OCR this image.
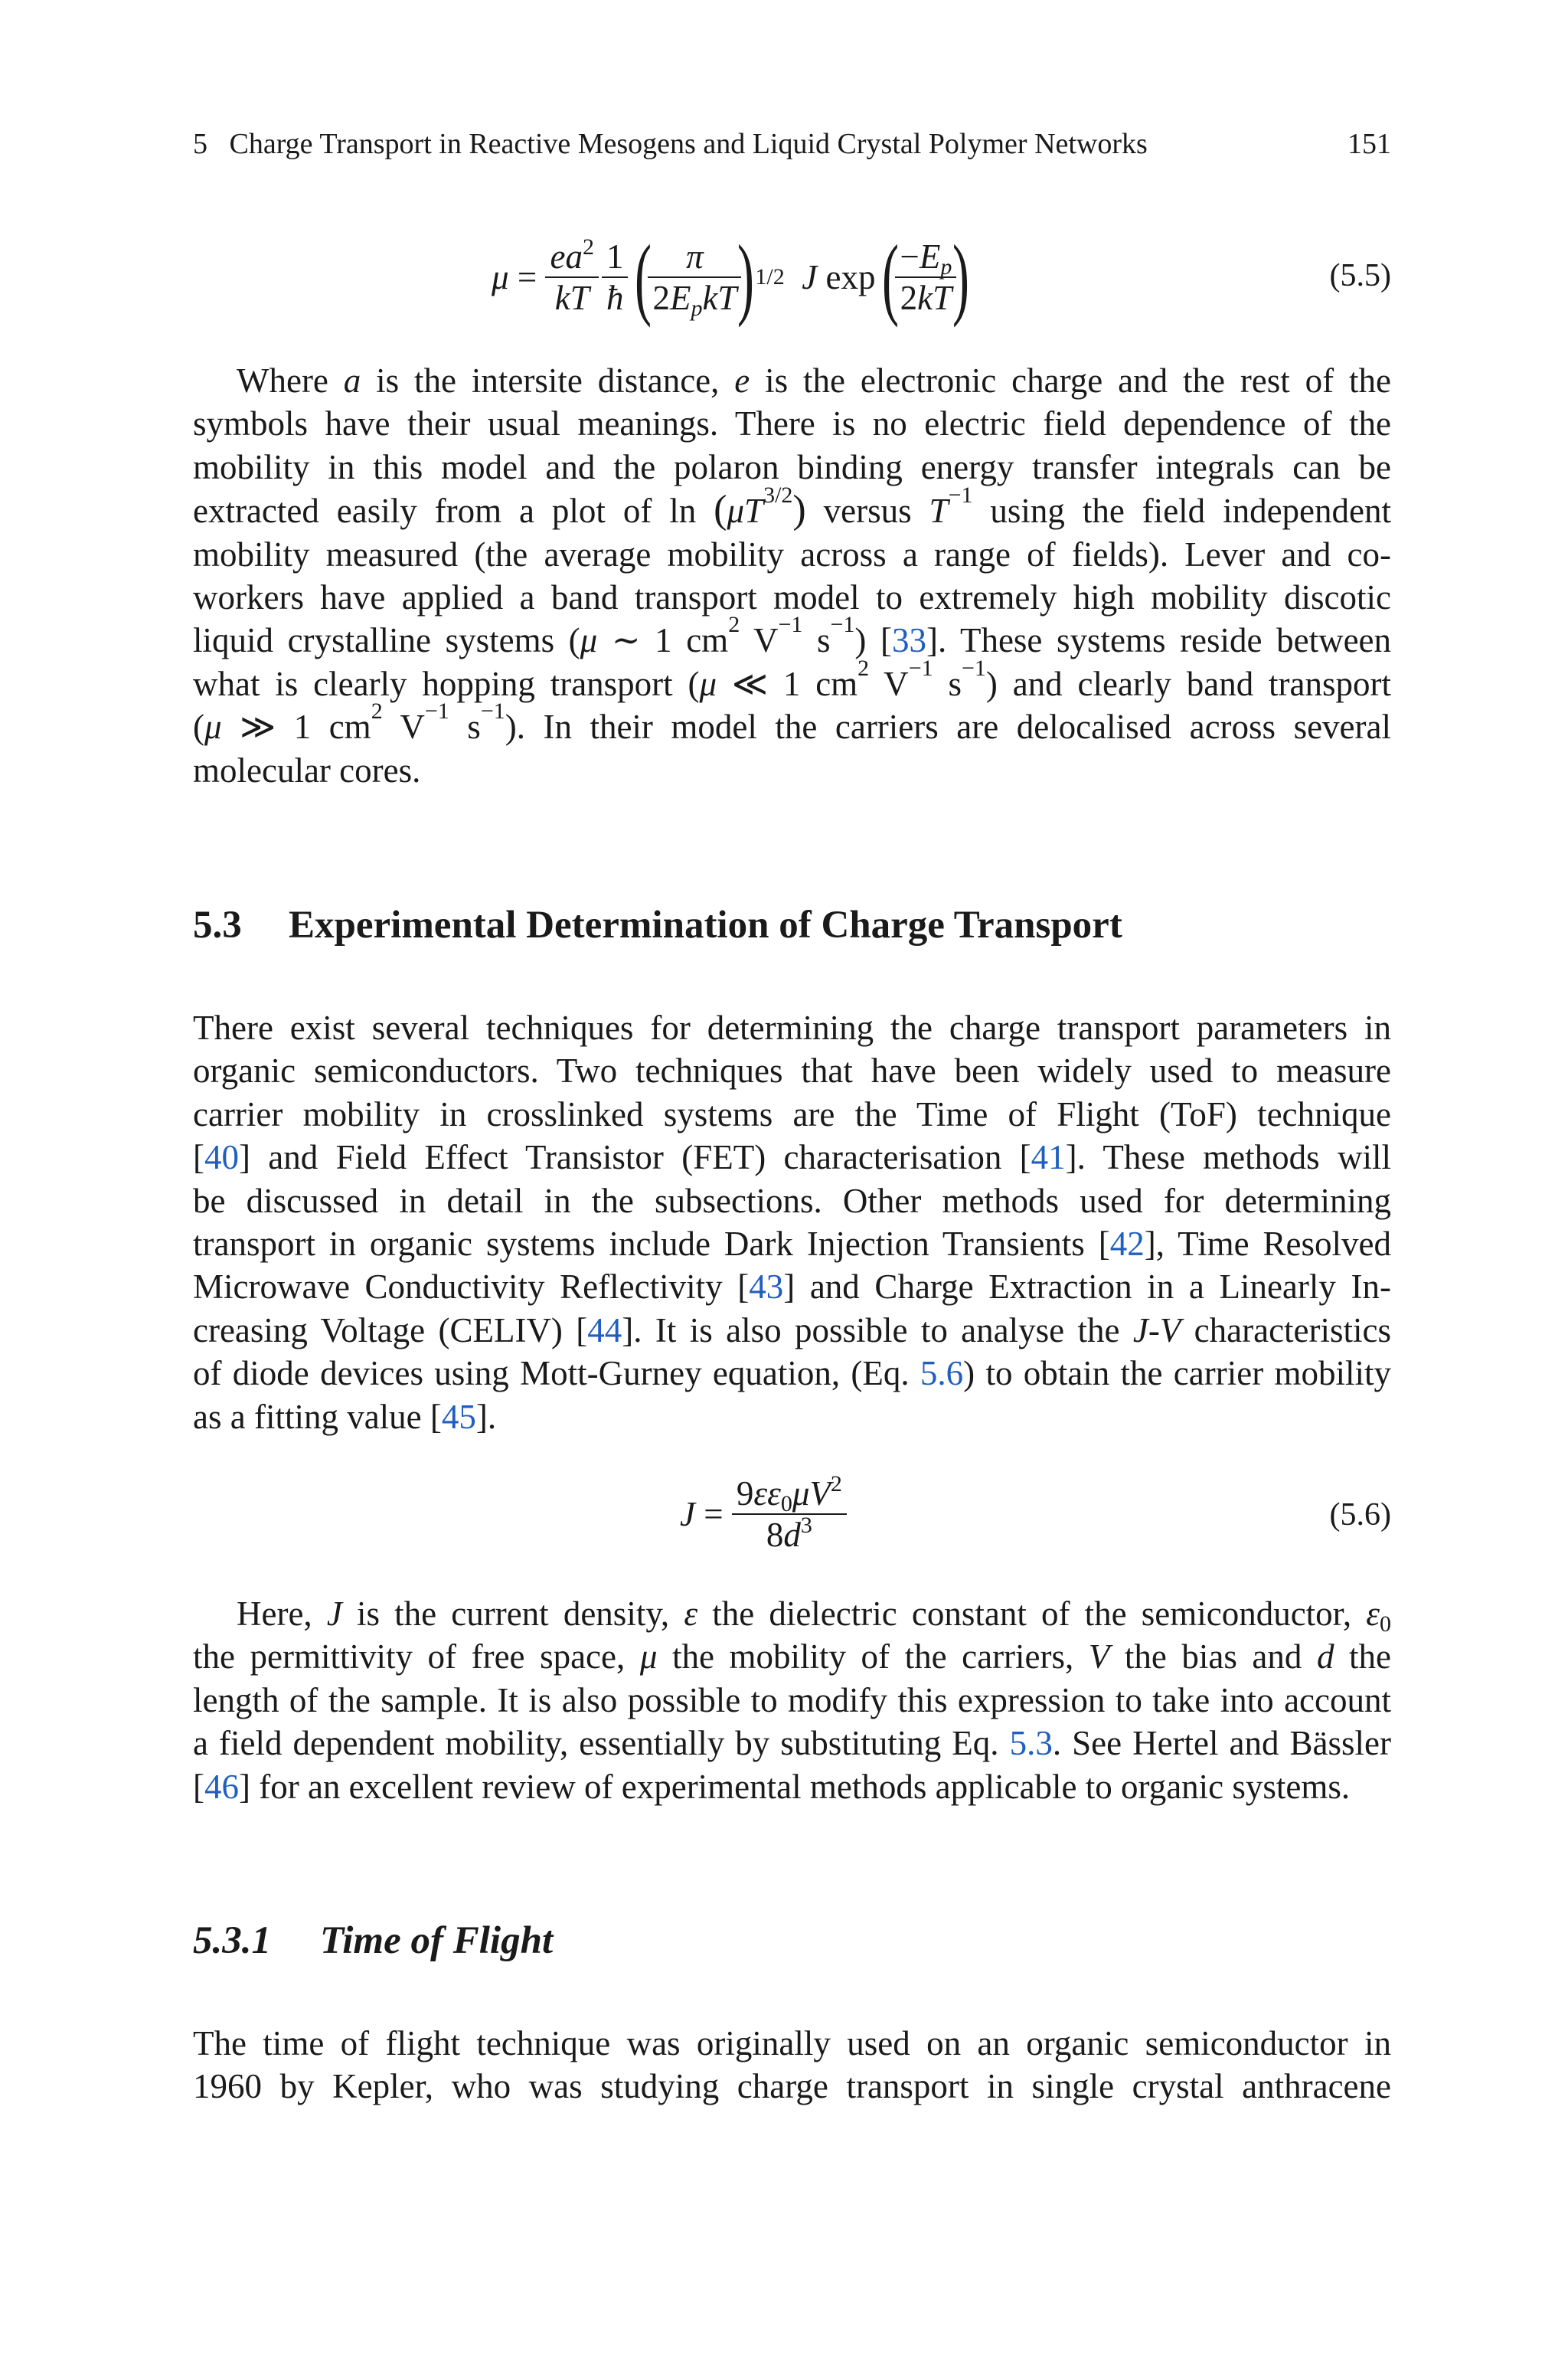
5   Charge Transport in Reactive Mesogens and Liquid Crystal Polymer Networks	151
$\mu = \frac{ea^2}{kT} \frac{1}{ħ}$ (
$\frac{\pi}{2E_pkT}$
) 1/2
J exp (
$\frac{-E_p}{2kT}$
)	(5.5)
Where a is the intersite distance, e is the electronic charge and the rest of the
symbols have their usual meanings. There is no electric field dependence of the
mobility in this model and the polaron binding energy transfer integrals can be
extracted easily from a plot of $\ln (\mu T^{3/2})$ versus $T^{-1}$ using the field independent
mobility measured (the average mobility across a range of fields). Lever and co-
workers have applied a band transport model to extremely high mobility discotic
liquid crystalline systems (μ ∼ 1 $cm^2$ $V^{-1}$ $s^{-1}$) [33]. These systems reside between
what is clearly hopping transport (μ ≪ 1 $cm^2$ $V^{-1}$ $s^{-1}$) and clearly band transport
(μ ≫ 1 $cm^2$ $V^{-1}$ $s^{-1}$). In their model the carriers are delocalised across several
molecular cores.
5.3 Experimental Determination of Charge Transport
There exist several techniques for determining the charge transport parameters in
organic semiconductors. Two techniques that have been widely used to measure
carrier mobility in crosslinked systems are the Time of Flight (ToF) technique
[40] and Field Effect Transistor (FET) characterisation [41]. These methods will
be discussed in detail in the subsections. Other methods used for determining
transport in organic systems include Dark Injection Transients [42], Time Resolved
Microwave Conductivity Reflectivity [43] and Charge Extraction in a Linearly In-
creasing Voltage (CELIV) [44]. It is also possible to analyse the J-V characteristics
of diode devices using Mott-Gurney equation, (Eq. 5.6) to obtain the carrier mobility
as a fitting value [45].
$J = \frac{9\varepsilon\varepsilon_0\mu V^2}{8d^3}$	(5.6)
Here, J is the current density, ε the dielectric constant of the semiconductor, $\varepsilon_0$
the permittivity of free space, μ the mobility of the carriers, V the bias and d the
length of the sample. It is also possible to modify this expression to take into account
a field dependent mobility, essentially by substituting Eq. 5.3. See Hertel and Bässler
[46] for an excellent review of experimental methods applicable to organic systems.
5.3.1 Time of Flight
The time of flight technique was originally used on an organic semiconductor in
1960 by Kepler, who was studying charge transport in single crystal anthracene
